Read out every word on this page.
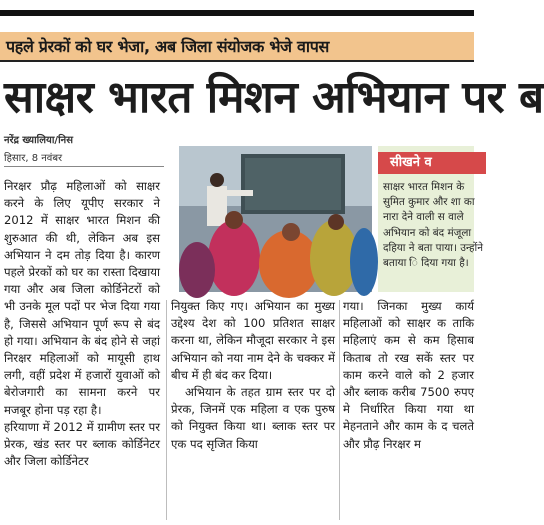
पहले प्रेरकों को घर भेजा, अब जिला संयोजक भेजे वापस
साक्षर भारत मिशन अभियान पर ब
नरेंद्र ख्यालिया/निस
हिसार, 8 नवंबर

निरक्षर प्रौढ़ महिलाओं को साक्षर करने के लिए यूपीए सरकार ने 2012 में साक्षर भारत मिशन की शुरुआत की थी, लेकिन अब इस अभियान ने दम तोड़ दिया है। कारण पहले प्रेरकों को घर का रास्ता दिखाया गया और अब जिला कोर्डिनेटरों को भी उनके मूल पदों पर भेज दिया गया है, जिससे अभियान पूर्ण रूप से बंद हो गया। अभियान के बंद होने से जहां निरक्षर महिलाओं को मायूसी हाथ लगी, वहीं प्रदेश में हजारों युवाओं को बेरोजगारी का सामना करने पर मजबूर होना पड़ रहा है।

हरियाणा में 2012 में ग्रामीण स्तर पर प्रेरक, खंड स्तर पर ब्लाक कोर्डिनेटर और जिला कोर्डिनेटर

सीखने व
साक्षर भारत मिशन के सुमित कुमार और शा का नारा देने वाली स वाले अभियान को बंद मंजूला दहिया ने बता पाया। उन्होंने बताया ि दिया गया है।

नियुक्त किए गए। अभियान का मुख्य उद्देश्य देश को 100 प्रतिशत साक्षर करना था, लेकिन मौजूदा सरकार ने इस अभियान को नया नाम देने के चक्कर में बीच में ही बंद कर दिया।

अभियान के तहत ग्राम स्तर पर दो प्रेरक, जिनमें एक महिला व एक पुरुष को नियुक्त किया था। ब्लाक स्तर पर एक पद सृजित किया

गया। जिनका मुख्य कार्य महिलाओं को साक्षर क ताकि महिलाएं कम से कम हिसाब किताब तो रख सकें स्तर पर काम करने वाले को 2 हजार और ब्लाक करीब 7500 रुपए मे निर्धारित किया गया था मेहनताने और काम के द चलते और प्रौढ़ निरक्षर म
